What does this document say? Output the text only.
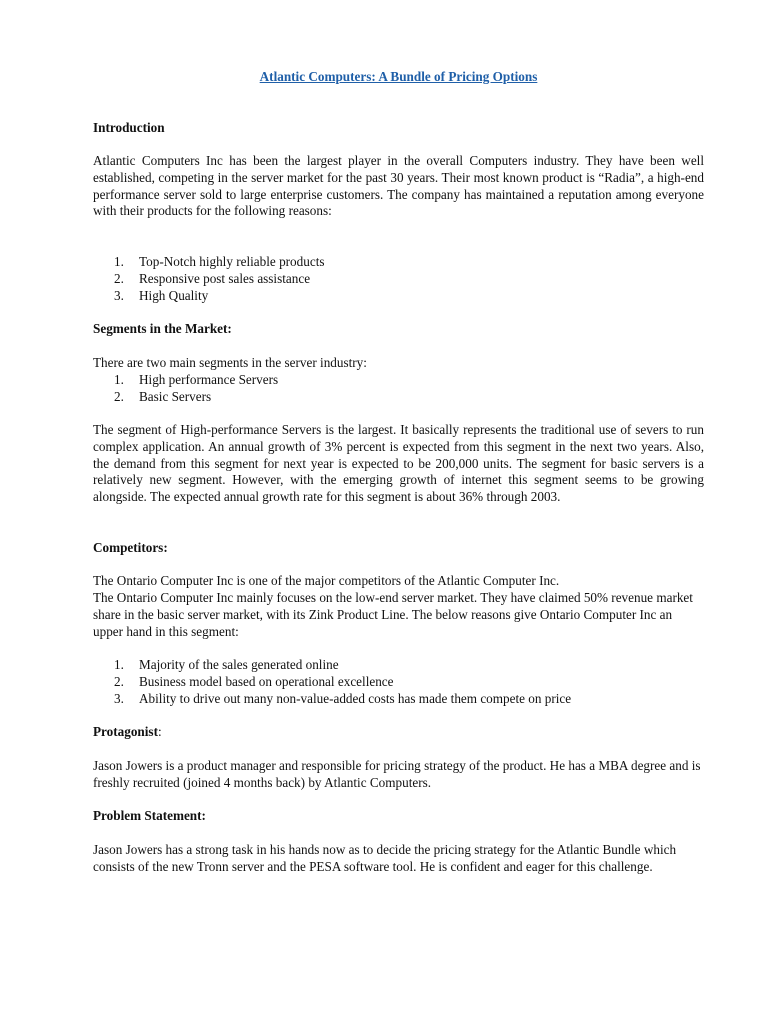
Atlantic Computers: A Bundle of Pricing Options
Introduction

Atlantic Computers Inc has been the largest player in the overall Computers industry. They have been well established, competing in the server market for the past 30 years. Their most known product is “Radia”, a high-end performance server sold to large enterprise customers. The company has maintained a reputation among everyone with their products for the following reasons:

1. Top-Notch highly reliable products
2. Responsive post sales assistance
3. High Quality
Segments in the Market:

There are two main segments in the server industry:

1. High performance Servers
2. Basic Servers

The segment of High-performance Servers is the largest. It basically represents the traditional use of severs to run complex application. An annual growth of 3% percent is expected from this segment in the next two years. Also, the demand from this segment for next year is expected to be 200,000 units. The segment for basic servers is a relatively new segment. However, with the emerging growth of internet this segment seems to be growing alongside. The expected annual growth rate for this segment is about 36% through 2003.

Competitors:

The Ontario Computer Inc is one of the major competitors of the Atlantic Computer Inc.

The Ontario Computer Inc mainly focuses on the low-end server market. They have claimed 50% revenue market share in the basic server market, with its Zink Product Line. The below reasons give Ontario Computer Inc an upper hand in this segment:

1. Majority of the sales generated online
2. Business model based on operational excellence
3. Ability to drive out many non-value-added costs has made them compete on price
Protagonist:

Jason Jowers is a product manager and responsible for pricing strategy of the product. He has a MBA degree and is freshly recruited (joined 4 months back) by Atlantic Computers.

Problem Statement:

Jason Jowers has a strong task in his hands now as to decide the pricing strategy for the Atlantic Bundle which consists of the new Tronn server and the PESA software tool. He is confident and eager for this challenge.
